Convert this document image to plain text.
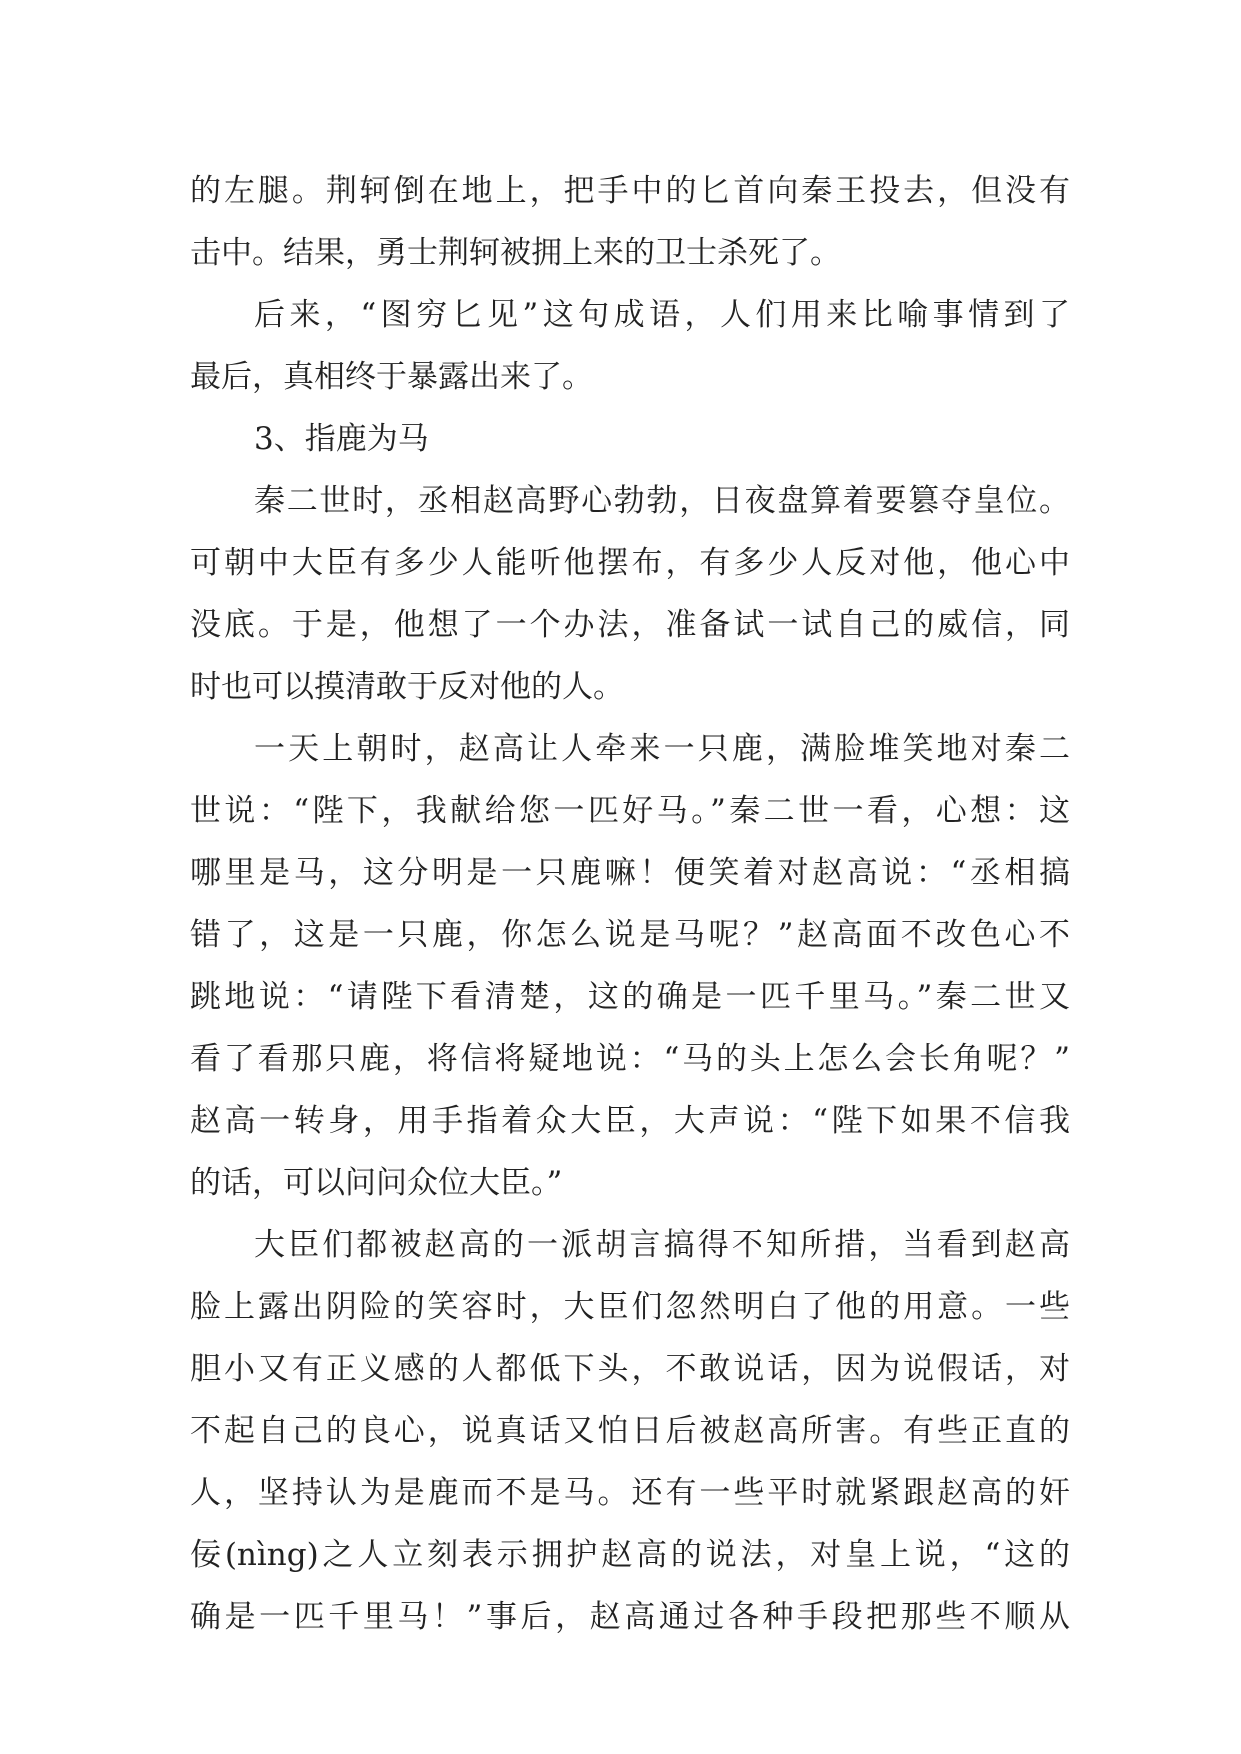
的左腿。荆轲倒在地上，把手中的匕首向秦王投去，但没有
击中。结果，勇士荆轲被拥上来的卫士杀死了。
后来，“图穷匕见”这句成语，人们用来比喻事情到了
最后，真相终于暴露出来了。
3、指鹿为马
秦二世时，丞相赵高野心勃勃，日夜盘算着要篡夺皇位。
可朝中大臣有多少人能听他摆布，有多少人反对他，他心中
没底。于是，他想了一个办法，准备试一试自己的威信，同
时也可以摸清敢于反对他的人。
一天上朝时，赵高让人牵来一只鹿，满脸堆笑地对秦二
世说：“陛下，我献给您一匹好马。”秦二世一看，心想：这
哪里是马，这分明是一只鹿嘛！便笑着对赵高说：“丞相搞
错了，这是一只鹿，你怎么说是马呢？”赵高面不改色心不
跳地说：“请陛下看清楚，这的确是一匹千里马。”秦二世又
看了看那只鹿，将信将疑地说：“马的头上怎么会长角呢？”
赵高一转身，用手指着众大臣，大声说：“陛下如果不信我
的话，可以问问众位大臣。”
大臣们都被赵高的一派胡言搞得不知所措，当看到赵高
脸上露出阴险的笑容时，大臣们忽然明白了他的用意。一些
胆小又有正义感的人都低下头，不敢说话，因为说假话，对
不起自己的良心，说真话又怕日后被赵高所害。有些正直的
人，坚持认为是鹿而不是马。还有一些平时就紧跟赵高的奸
佞(nìng)之人立刻表示拥护赵高的说法，对皇上说，“这的
确是一匹千里马！”事后，赵高通过各种手段把那些不顺从
